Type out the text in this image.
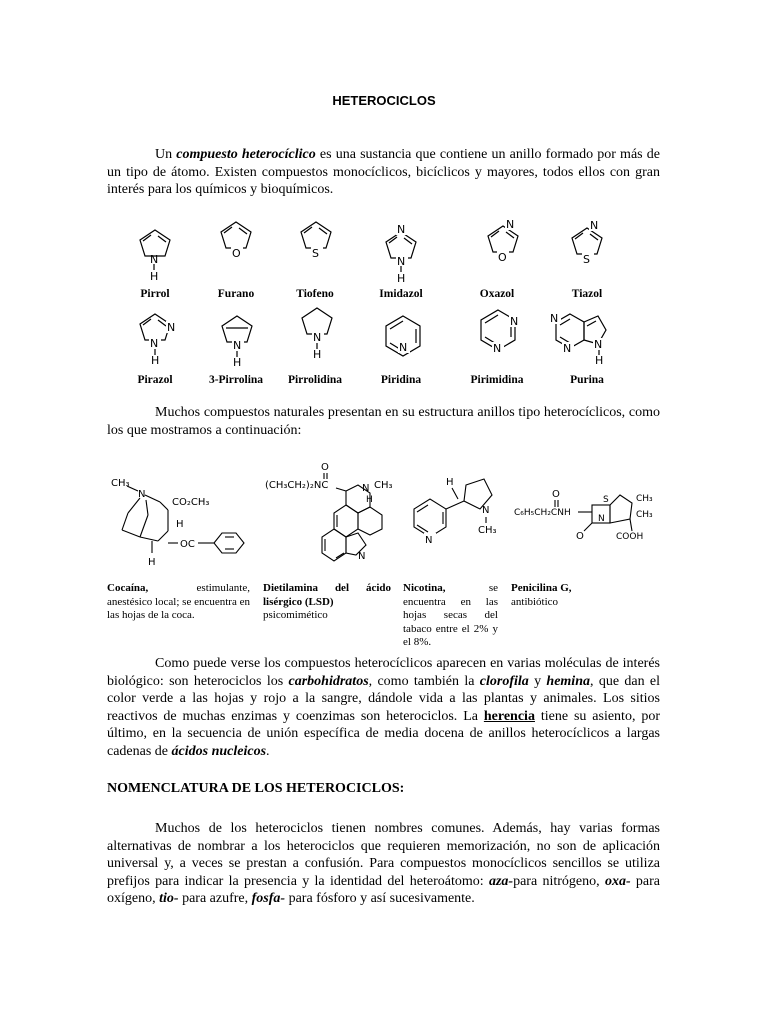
HETEROCICLOS

Un compuesto heterocíclico es una sustancia que contiene un anillo formado por más de un tipo de átomo. Existen compuestos monocíclicos, bicíclicos y mayores, todos ellos con gran interés para los químicos y bioquímicos.

N
H
O	S
N
N
H
N
O
N
S
N
N
H
N
H
N
H
N
N
N
N
N N
H
Pirrol	Furano	Tiofeno	Imidazol	Oxazol	Tiazol
Pirazol	3-Pirrolina	Pirrolidina	Piridina	Pirimidina	Purina

Muchos compuestos naturales presentan en su estructura anillos tipo heterocíclicos, como los que mostramos a continuación:

CH₃
N
CO₂CH₃
H
OC
H
(CH₃CH₂)₂NC
O
N CH₃
H
N
H
N
CH₃
N
C₆H₅CH₂CNH
O	S
N
O
CH₃
CH₃
COOH
Cocaína, estimulante, anestésico local; se encuentra en las hojas de la coca.
Dietilamina del ácido lisérgico (LSD)
psicomimético
Nicotina, se encuentra en las hojas secas del tabaco entre el 2% y el 8%.
Penicilina G,
antibiótico

Como puede verse los compuestos heterocíclicos aparecen en varias moléculas de interés biológico: son heterociclos los carbohidratos, como también la clorofila y hemina, que dan el color verde a las hojas y rojo a la sangre, dándole vida a las plantas y animales. Los sitios reactivos de muchas enzimas y coenzimas son heterociclos. La herencia tiene su asiento, por último, en la secuencia de unión específica de media docena de anillos heterocíclicos a largas cadenas de ácidos nucleicos.

NOMENCLATURA DE LOS HETEROCICLOS:

Muchos de los heterociclos tienen nombres comunes. Además, hay varias formas alternativas de nombrar a los heterociclos que requieren memorización, no son de aplicación universal y, a veces se prestan a confusión. Para compuestos monocíclicos sencillos se utiliza prefijos para indicar la presencia y la identidad del heteroátomo: aza-para nitrógeno, oxa- para oxígeno, tio- para azufre, fosfa- para fósforo y así sucesivamente.
